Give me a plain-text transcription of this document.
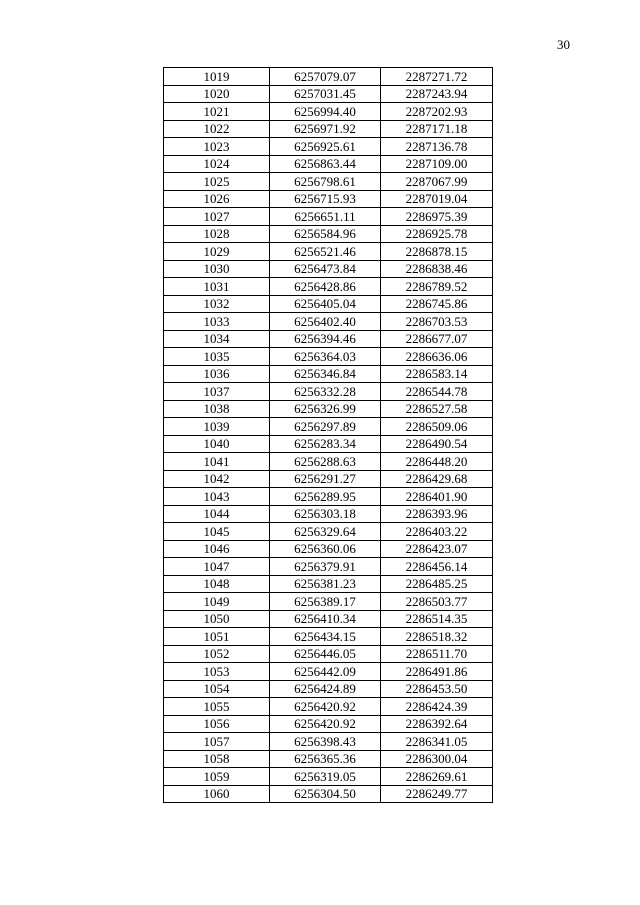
30
1019	6257079.07	2287271.72
1020	6257031.45	2287243.94
1021	6256994.40	2287202.93
1022	6256971.92	2287171.18
1023	6256925.61	2287136.78
1024	6256863.44	2287109.00
1025	6256798.61	2287067.99
1026	6256715.93	2287019.04
1027	6256651.11	2286975.39
1028	6256584.96	2286925.78
1029	6256521.46	2286878.15
1030	6256473.84	2286838.46
1031	6256428.86	2286789.52
1032	6256405.04	2286745.86
1033	6256402.40	2286703.53
1034	6256394.46	2286677.07
1035	6256364.03	2286636.06
1036	6256346.84	2286583.14
1037	6256332.28	2286544.78
1038	6256326.99	2286527.58
1039	6256297.89	2286509.06
1040	6256283.34	2286490.54
1041	6256288.63	2286448.20
1042	6256291.27	2286429.68
1043	6256289.95	2286401.90
1044	6256303.18	2286393.96
1045	6256329.64	2286403.22
1046	6256360.06	2286423.07
1047	6256379.91	2286456.14
1048	6256381.23	2286485.25
1049	6256389.17	2286503.77
1050	6256410.34	2286514.35
1051	6256434.15	2286518.32
1052	6256446.05	2286511.70
1053	6256442.09	2286491.86
1054	6256424.89	2286453.50
1055	6256420.92	2286424.39
1056	6256420.92	2286392.64
1057	6256398.43	2286341.05
1058	6256365.36	2286300.04
1059	6256319.05	2286269.61
1060	6256304.50	2286249.77
